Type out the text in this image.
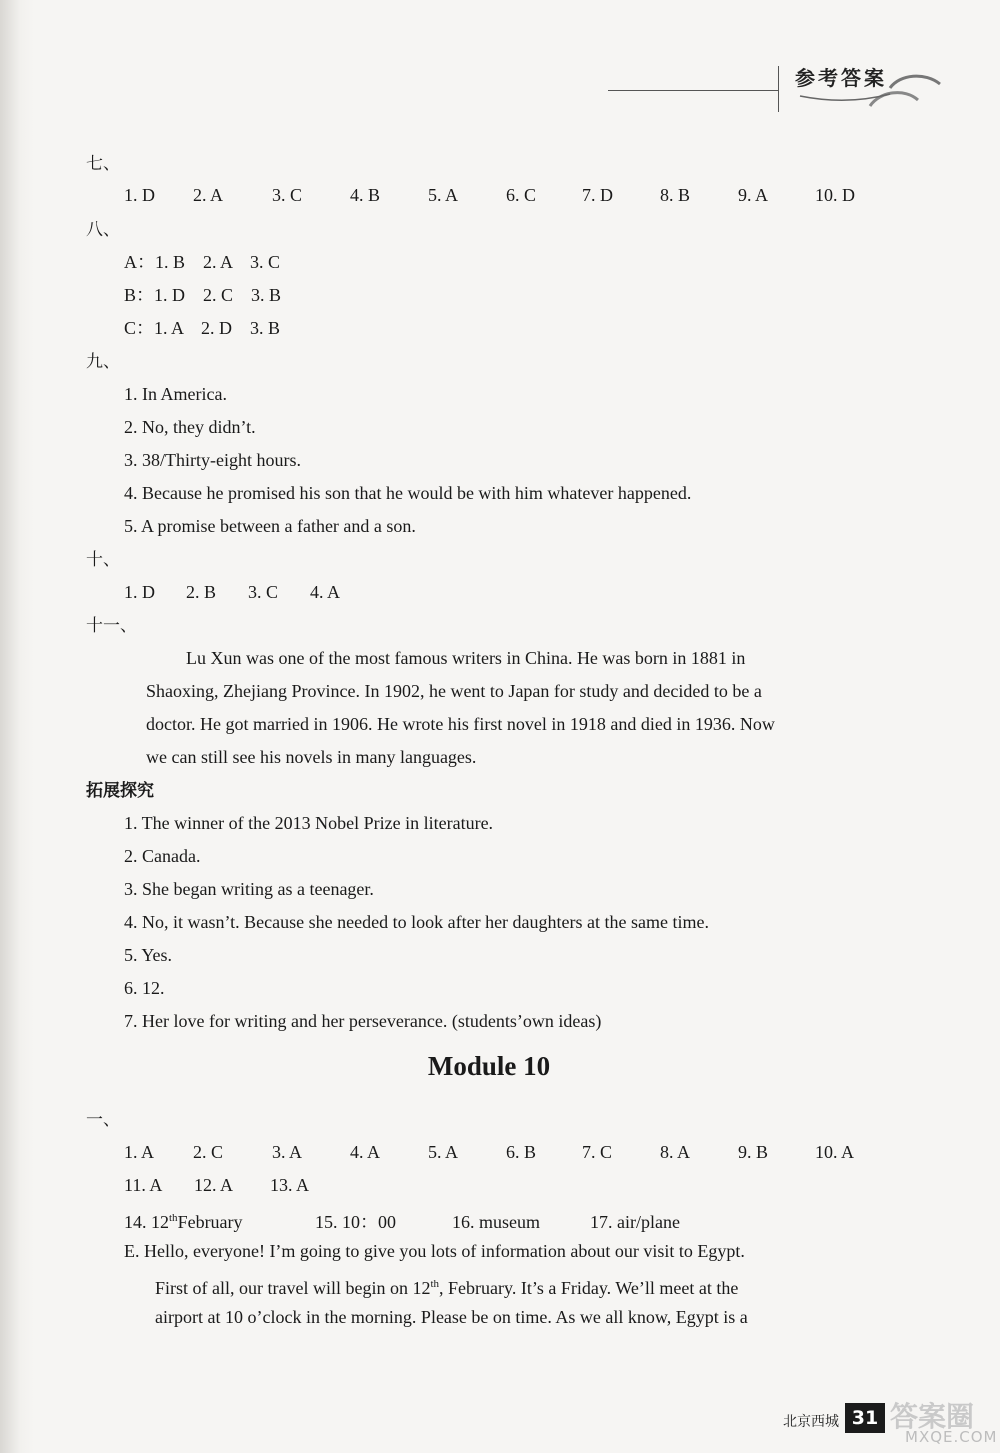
参考答案
七、
1. D 2. A	3. C	4. B	5. A	6. C	7. D	8. B	9. A	10. D
八、
A：1. B　2. A　3. C
B：1. D　2. C　3. B
C：1. A　2. D　3. B
九、
1. In America.
2. No, they didn’t.
3. 38/Thirty-eight hours.
4. Because he promised his son that he would be with him whatever happened.
5. A promise between a father and a son.
十、
1. D 2. B 3. C 4. A
十一、
Lu Xun was one of the most famous writers in China. He was born in 1881 in
Shaoxing, Zhejiang Province. In 1902, he went to Japan for study and decided to be a
doctor. He got married in 1906. He wrote his first novel in 1918 and died in 1936. Now
we can still see his novels in many languages.
拓展探究
1. The winner of the 2013 Nobel Prize in literature.
2. Canada.
3. She began writing as a teenager.
4. No, it wasn’t. Because she needed to look after her daughters at the same time.
5. Yes.
6. 12.
7. Her love for writing and her perseverance. (students’own ideas)
Module 10
一、
1. A 2. C	3. A	4. A	5. A	6. B	7. C	8. A	9. B	10. A
11. A 12. A 13. A
14. 12thFebruary	15. 10：00	16. museum	17. air/plane
E. Hello, everyone! I’m going to give you lots of information about our visit to Egypt.
First of all, our travel will begin on 12th, February. It’s a Friday. We’ll meet at the
airport at 10 o’clock in the morning. Please be on time. As we all know, Egypt is a
北京西城 31 答案圈
MXQE.COM
